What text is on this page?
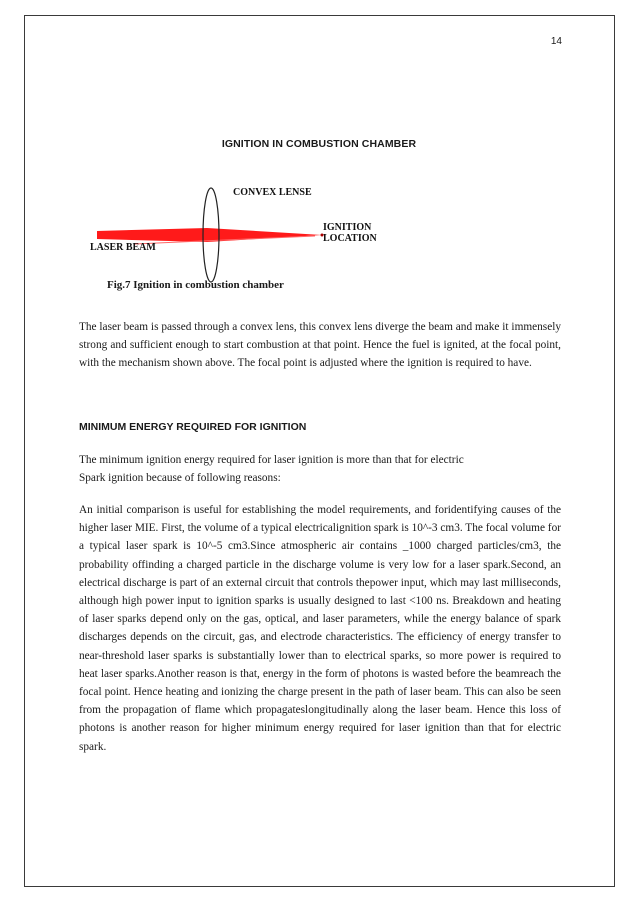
14
IGNITION IN COMBUSTION CHAMBER
CONVEX LENSE
IGNITION
LOCATION
LASER BEAM
Fig.7 Ignition in combustion chamber
The laser beam is passed through a convex lens, this convex lens diverge the beam and make it immensely strong and sufficient enough to start combustion at that point. Hence the fuel is ignited, at the focal point, with the mechanism shown above. The focal point is adjusted where the ignition is required to have.
MINIMUM ENERGY REQUIRED FOR IGNITION

The minimum ignition energy required for laser ignition is more than that for electric

Spark ignition because of following reasons:

An initial comparison is useful for establishing the model requirements, and foridentifying causes of the higher laser MIE. First, the volume of a typical electricalignition spark is 10^-3 cm3. The focal volume for a typical laser spark is 10^-5 cm3.Since atmospheric air contains _1000 charged particles/cm3, the probability offinding a charged particle in the discharge volume is very low for a laser spark.Second, an electrical discharge is part of an external circuit that controls thepower input, which may last milliseconds, although high power input to ignition sparks is usually designed to last <100 ns. Breakdown and heating of laser sparks depend only on the gas, optical, and laser parameters, while the energy balance of spark discharges depends on the circuit, gas, and electrode characteristics. The efficiency of energy transfer to near-threshold laser sparks is substantially lower than to electrical sparks, so more power is required to heat laser sparks.Another reason is that, energy in the form of photons is wasted before the beamreach the focal point. Hence heating and ionizing the charge present in the path of laser beam. This can also be seen from the propagation of flame which propagateslongitudinally along the laser beam. Hence this loss of photons is another reason for higher minimum energy required for laser ignition than that for electric spark.
